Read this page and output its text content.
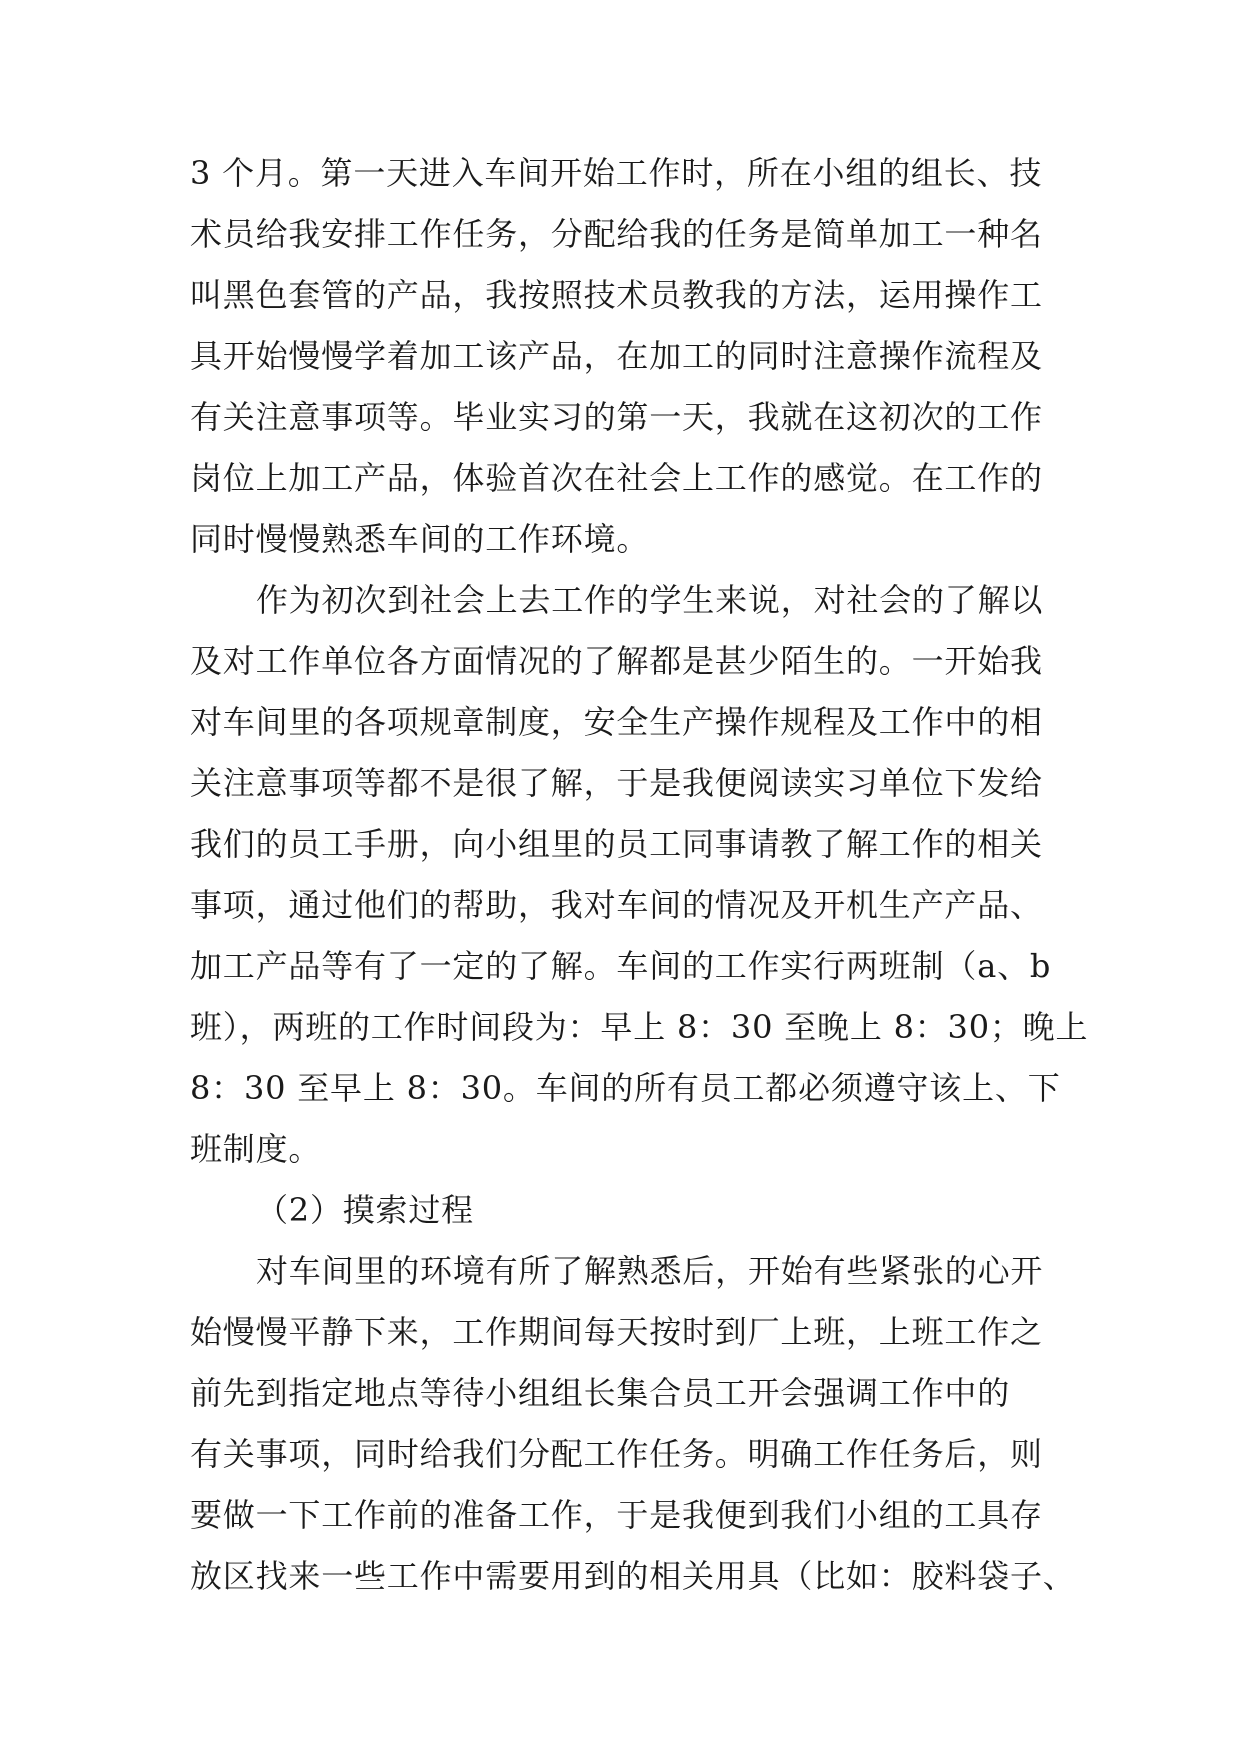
3 个月。第一天进入车间开始工作时，所在小组的组长、技

术员给我安排工作任务，分配给我的任务是简单加工一种名

叫黑色套管的产品，我按照技术员教我的方法，运用操作工

具开始慢慢学着加工该产品，在加工的同时注意操作流程及

有关注意事项等。毕业实习的第一天，我就在这初次的工作

岗位上加工产品，体验首次在社会上工作的感觉。在工作的

同时慢慢熟悉车间的工作环境。

作为初次到社会上去工作的学生来说，对社会的了解以

及对工作单位各方面情况的了解都是甚少陌生的。一开始我

对车间里的各项规章制度，安全生产操作规程及工作中的相

关注意事项等都不是很了解，于是我便阅读实习单位下发给

我们的员工手册，向小组里的员工同事请教了解工作的相关

事项，通过他们的帮助，我对车间的情况及开机生产产品、

加工产品等有了一定的了解。车间的工作实行两班制（a、b

班），两班的工作时间段为：早上 8：30 至晚上 8：30；晚上

8：30 至早上 8：30。车间的所有员工都必须遵守该上、下

班制度。

（2）摸索过程

对车间里的环境有所了解熟悉后，开始有些紧张的心开

始慢慢平静下来，工作期间每天按时到厂上班，上班工作之

前先到指定地点等待小组组长集合员工开会强调工作中的

有关事项，同时给我们分配工作任务。明确工作任务后，则

要做一下工作前的准备工作，于是我便到我们小组的工具存

放区找来一些工作中需要用到的相关用具（比如：胶料袋子、
